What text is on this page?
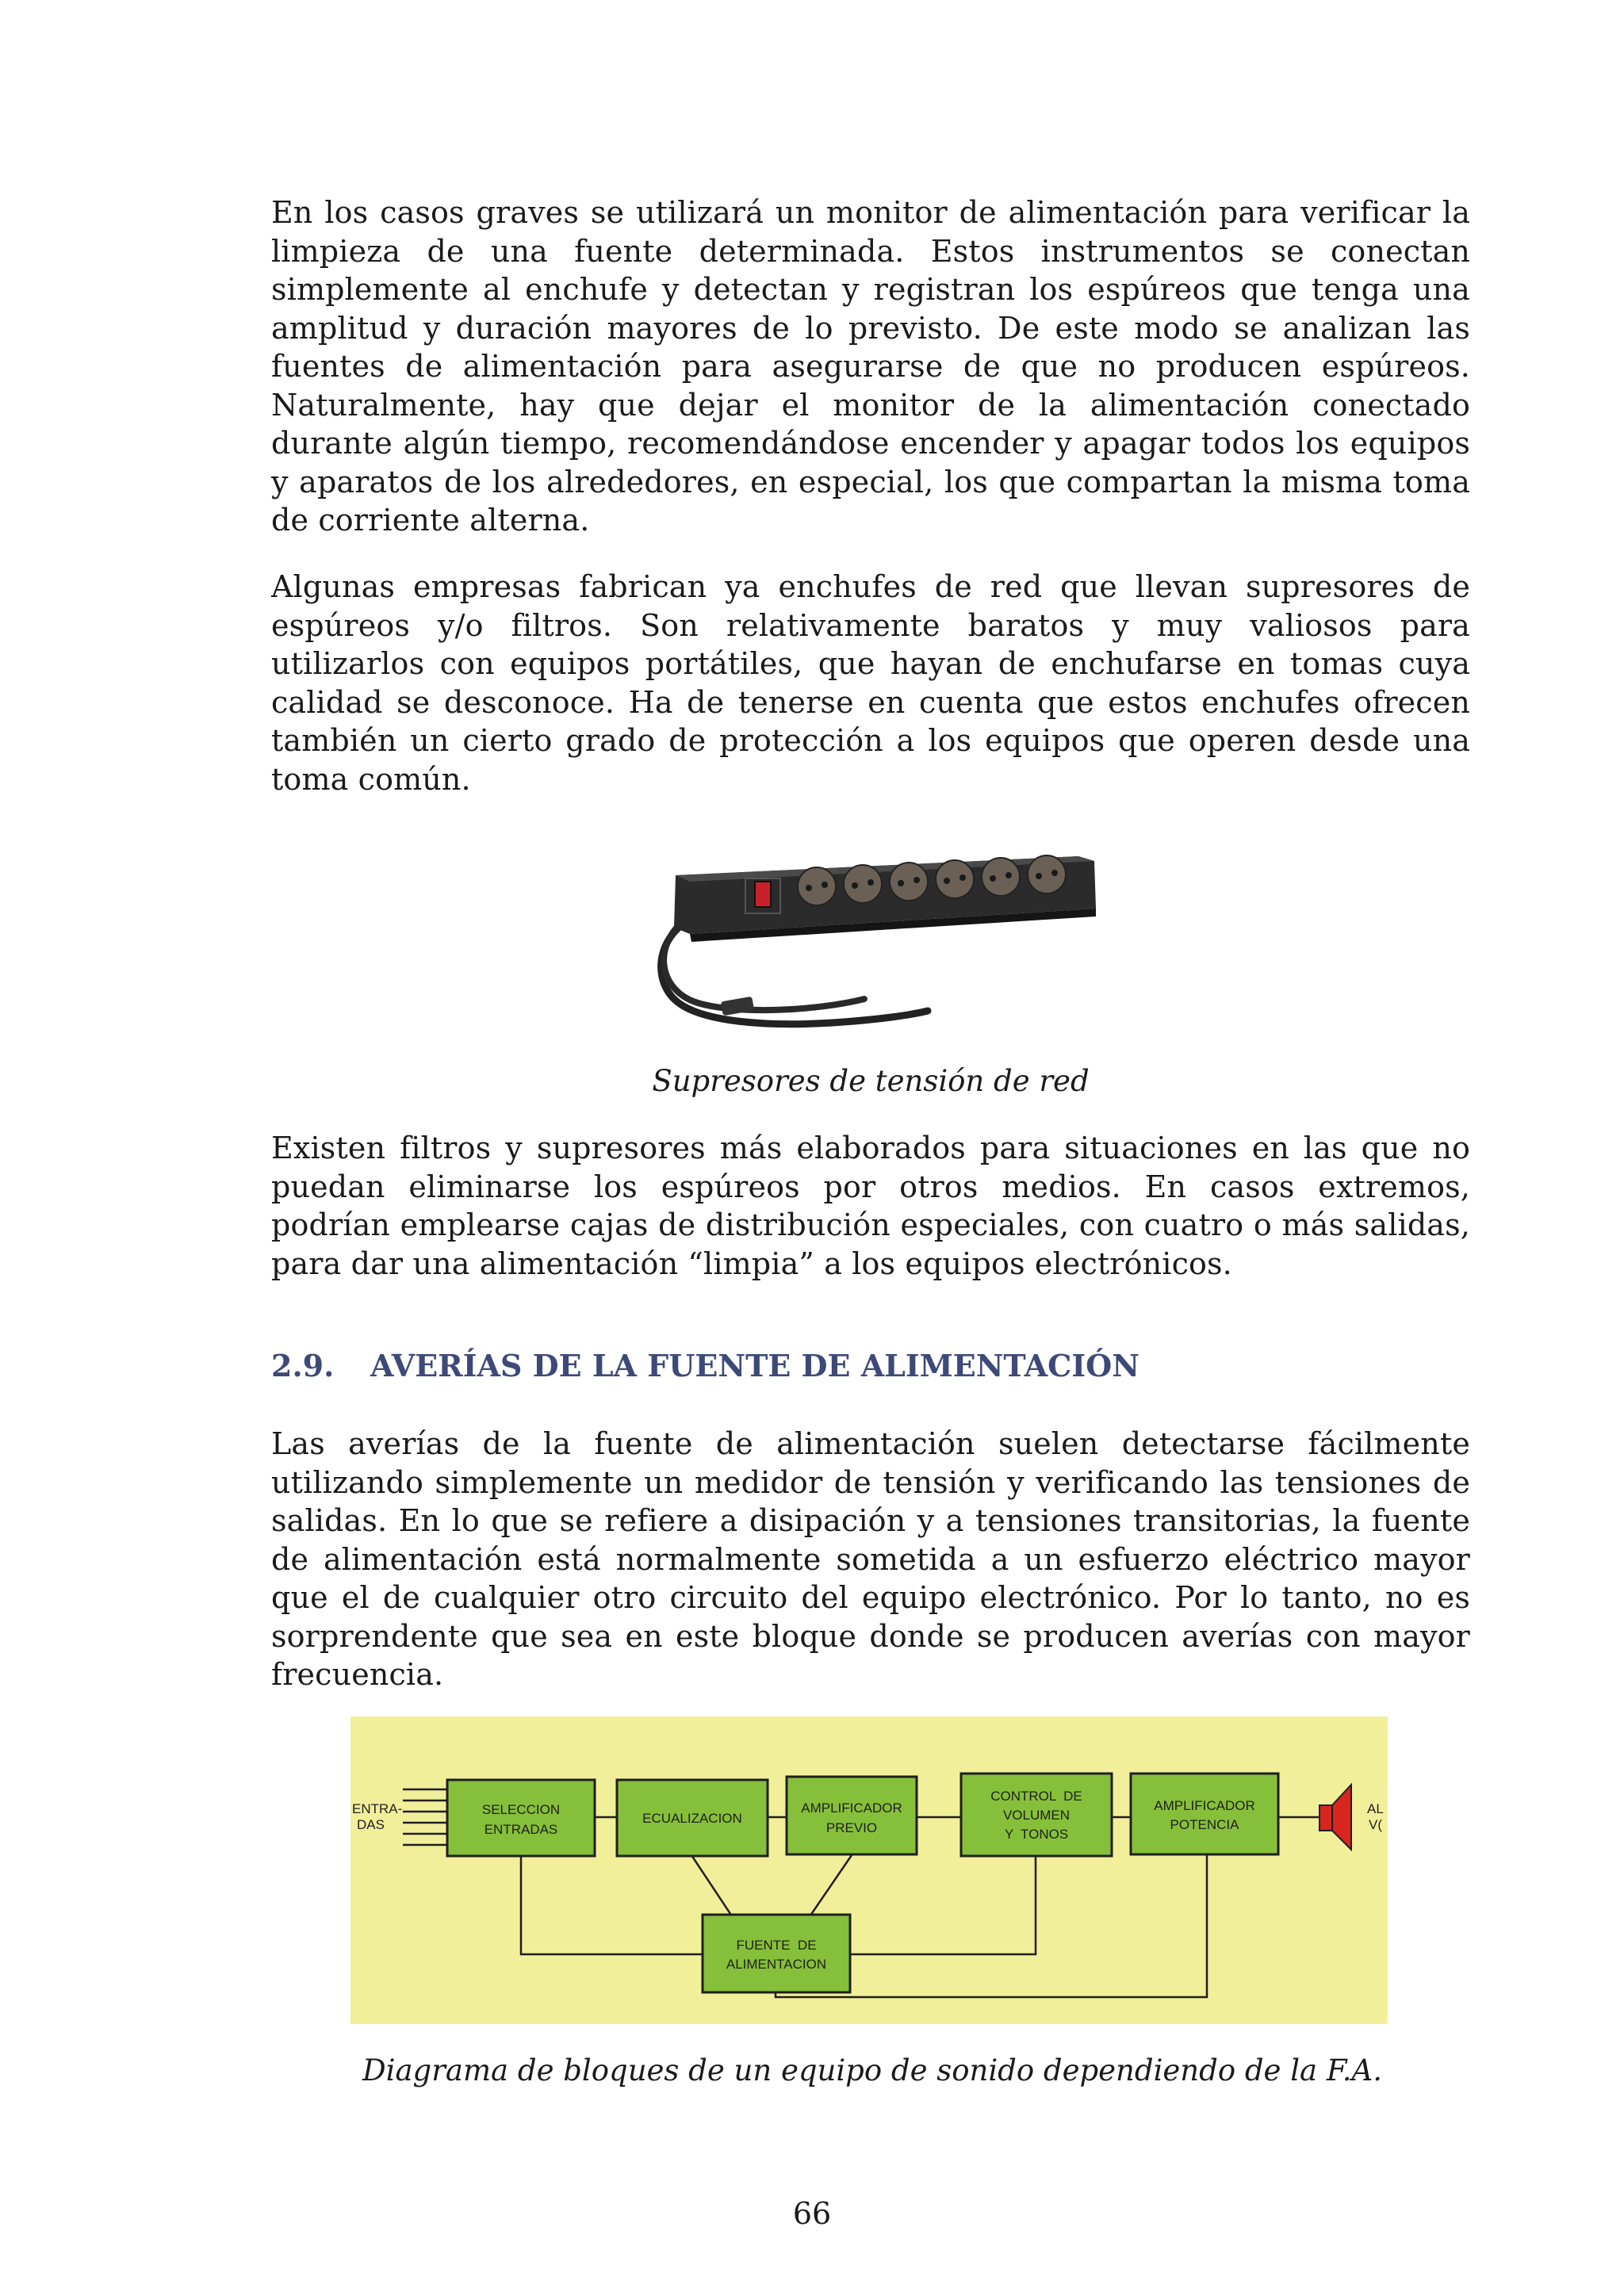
En los casos graves se utilizará un monitor de alimentación para verificar la limpieza de una fuente determinada. Estos instrumentos se conectan simplemente al enchufe y detectan y registran los espúreos que tenga una amplitud y duración mayores de lo previsto. De este modo se analizan las fuentes de alimentación para asegurarse de que no producen espúreos. Naturalmente, hay que dejar el monitor de la alimentación conectado durante algún tiempo, recomendándose encender y apagar todos los equipos y aparatos de los alrededores, en especial, los que compartan la misma toma de corriente alterna.

Algunas empresas fabrican ya enchufes de red que llevan supresores de espúreos y/o filtros. Son relativamente baratos y muy valiosos para utilizarlos con equipos portátiles, que hayan de enchufarse en tomas cuya calidad se desconoce. Ha de tenerse en cuenta que estos enchufes ofrecen también un cierto grado de protección a los equipos que operen desde una toma común.

Supresores de tensión de red

Existen filtros y supresores más elaborados para situaciones en las que no puedan eliminarse los espúreos por otros medios. En casos extremos, podrían emplearse cajas de distribución especiales, con cuatro o más salidas, para dar una alimentación “limpia” a los equipos electrónicos.

2.9. AVERÍAS DE LA FUENTE DE ALIMENTACIÓN

Las averías de la fuente de alimentación suelen detectarse fácilmente utilizando simplemente un medidor de tensión y verificando las tensiones de salidas. En lo que se refiere a disipación y a tensiones transitorias, la fuente de alimentación está normalmente sometida a un esfuerzo eléctrico mayor que el de cualquier otro circuito del equipo electrónico. Por lo tanto, no es sorprendente que sea en este bloque donde se producen averías con mayor frecuencia.

ENTRA-
DAS
SELECCION
ENTRADAS
ECUALIZACION
AMPLIFICADOR
PREVIO
CONTROL  DE
VOLUMEN
Y  TONOS
AMPLIFICADOR
POTENCIA
FUENTE  DE
ALIMENTACION
AL
V(

Diagrama de bloques de un equipo de sonido dependiendo de la F.A.

66
